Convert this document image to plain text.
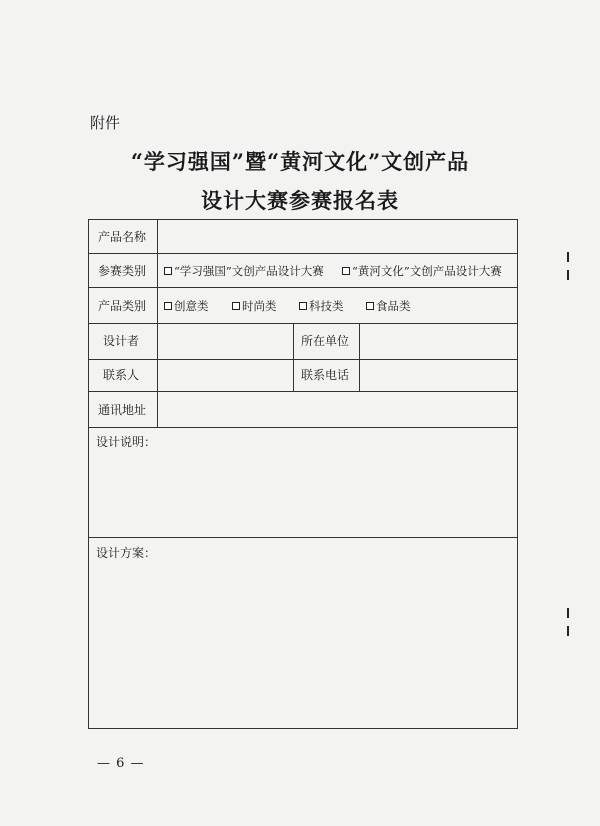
附件
“学习强国”暨“黄河文化”文创产品
设计大赛参赛报名表
产品名称
参赛类别 “学习强国”文创产品设计大赛 “黄河文化”文创产品设计大赛
产品类别 创意类	时尚类	科技类	食品类
设计者	所在单位
联系人	联系电话
通讯地址
设计说明：
设计方案：
— 6 —
